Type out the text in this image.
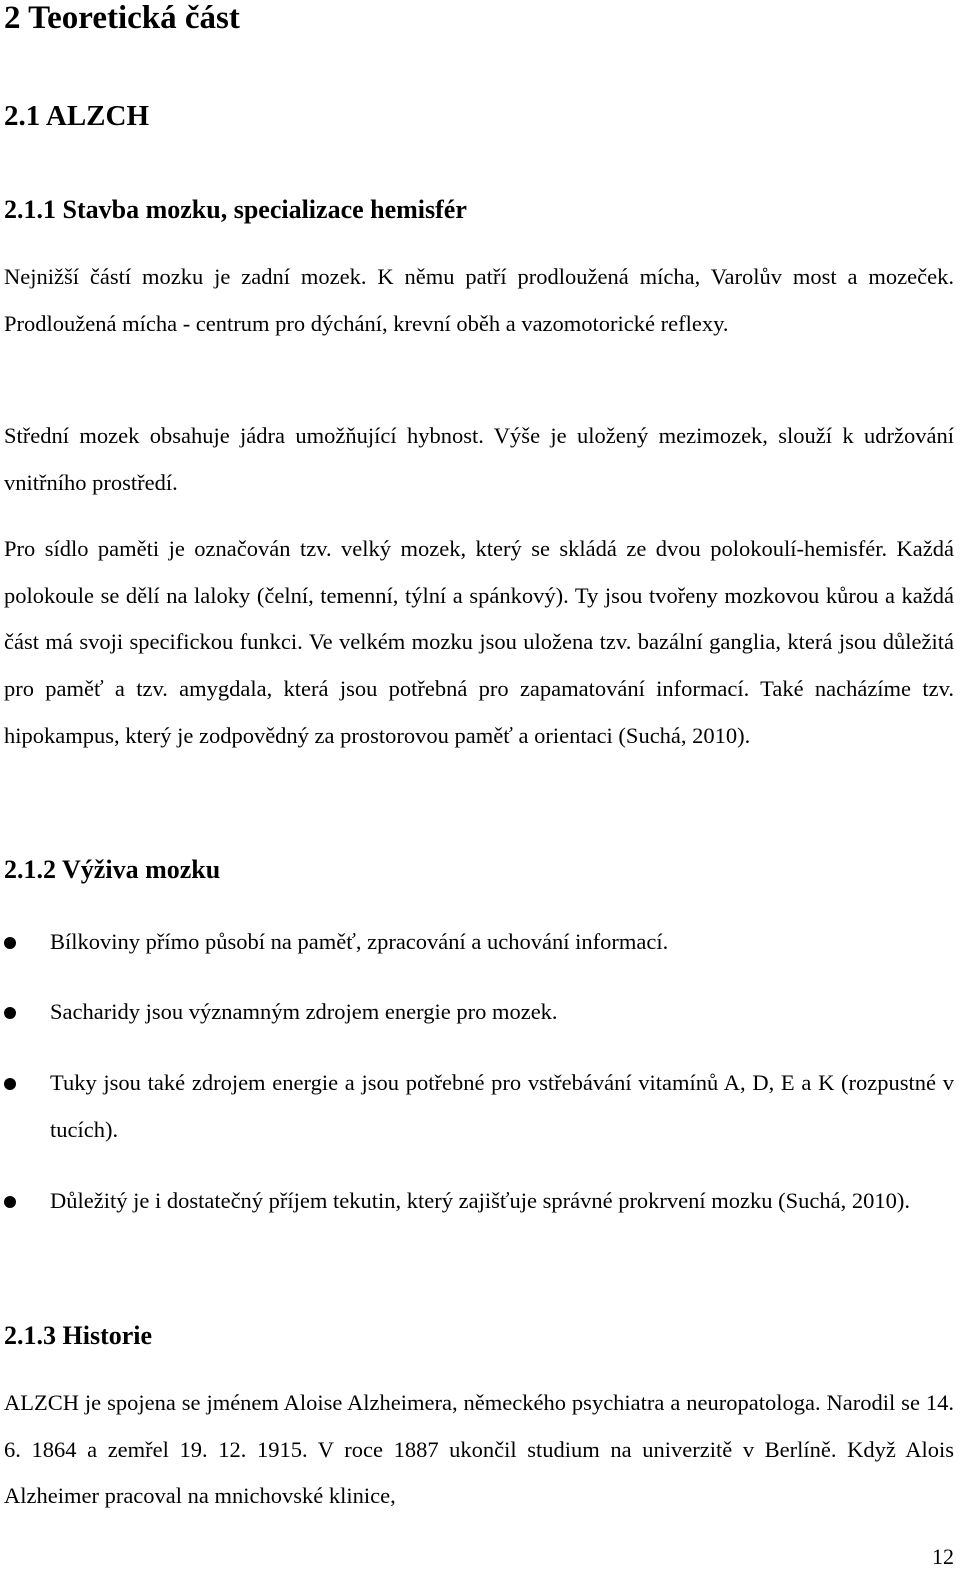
2 Teoretická část
2.1 ALZCH
2.1.1 Stavba mozku, specializace hemisfér

Nejnižší částí mozku je zadní mozek. K němu patří prodloužená mícha, Varolův most a mozeček. Prodloužená mícha - centrum pro dýchání, krevní oběh a vazomotorické reflexy.

Střední mozek obsahuje jádra umožňující hybnost. Výše je uložený mezimozek, slouží k udržování vnitřního prostředí.

Pro sídlo paměti je označován tzv. velký mozek, který se skládá ze dvou polokoulí-hemisfér. Každá polokoule se dělí na laloky (čelní, temenní, týlní a spánkový). Ty jsou tvořeny mozkovou kůrou a každá část má svoji specifickou funkci. Ve velkém mozku jsou uložena tzv. bazální ganglia, která jsou důležitá pro paměť a tzv. amygdala, která jsou potřebná pro zapamatování informací. Také nacházíme tzv. hipokampus, který je zodpovědný za prostorovou paměť a orientaci (Suchá, 2010).

2.1.2 Výživa mozku
Bílkoviny přímo působí na paměť, zpracování a uchování informací.
Sacharidy jsou významným zdrojem energie pro mozek.
Tuky jsou také zdrojem energie a jsou potřebné pro vstřebávání vitamínů A, D, E a K (rozpustné v tucích).
Důležitý je i dostatečný příjem tekutin, který zajišťuje správné prokrvení mozku (Suchá, 2010).
2.1.3 Historie

ALZCH je spojena se jménem Aloise Alzheimera, německého psychiatra a neuropatologa. Narodil se 14. 6. 1864 a zemřel 19. 12. 1915. V roce 1887 ukončil studium na univerzitě v Berlíně. Když Alois Alzheimer pracoval na mnichovské klinice,

12
